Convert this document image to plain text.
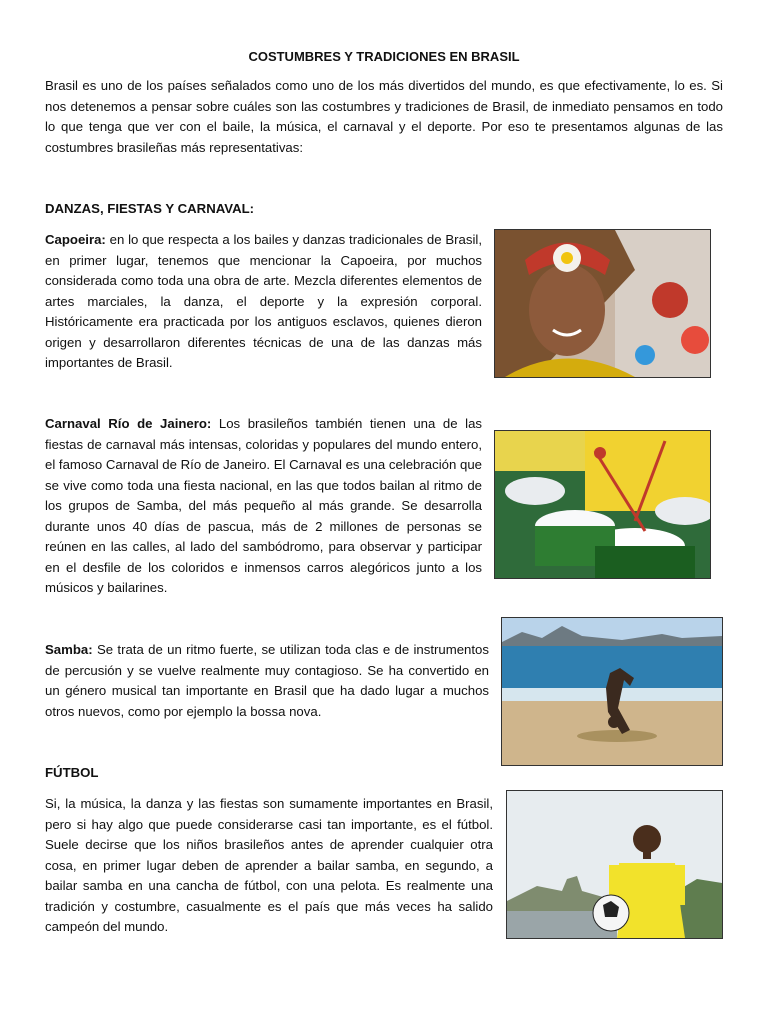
COSTUMBRES Y TRADICIONES EN BRASIL
Brasil es uno de los países señalados como uno de los más divertidos del mundo, es que efectivamente, lo es. Si nos detenemos a pensar sobre cuáles son las costumbres y tradiciones de Brasil, de inmediato pensamos en todo lo que tenga que ver con el baile, la música, el carnaval y el deporte. Por eso te presentamos algunas de las costumbres brasileñas más representativas:
DANZAS, FIESTAS Y CARNAVAL:
Capoeira: en lo que respecta a los bailes y danzas tradicionales de Brasil, en primer lugar, tenemos que mencionar la Capoeira, por muchos considerada como toda una obra de arte. Mezcla diferentes elementos de artes marciales, la danza, el deporte y la expresión corporal. Históricamente era practicada por los antiguos esclavos, quienes dieron origen y desarrollaron diferentes técnicas de una de las danzas más importantes de Brasil.
Carnaval Río de Jainero: Los brasileños también tienen una de las fiestas de carnaval más intensas, coloridas y populares del mundo entero, el famoso Carnaval de Río de Janeiro. El Carnaval es una celebración que se vive como toda una fiesta nacional, en las que todos bailan al ritmo de los grupos de Samba, del más pequeño al más grande. Se desarrolla durante unos 40 días de pascua, más de 2 millones de personas se reúnen en las calles, al lado del sambódromo, para observar y participar en el desfile de los coloridos e inmensos carros alegóricos junto a los músicos y bailarines.
Samba: Se trata de un ritmo fuerte, se utilizan toda clas e de instrumentos de percusión y se vuelve realmente muy contagioso. Se ha convertido en un género musical tan importante en Brasil que ha dado lugar a muchos otros nuevos, como por ejemplo la bossa nova.
FÚTBOL
Si, la música, la danza y las fiestas son sumamente importantes en Brasil, pero si hay algo que puede considerarse casi tan importante, es el fútbol. Suele decirse que los niños brasileños antes de aprender cualquier otra cosa, en primer lugar deben de aprender a bailar samba, en segundo, a bailar samba en una cancha de fútbol, con una pelota. Es realmente una tradición y costumbre, casualmente es el país que más veces ha salido campeón del mundo.
